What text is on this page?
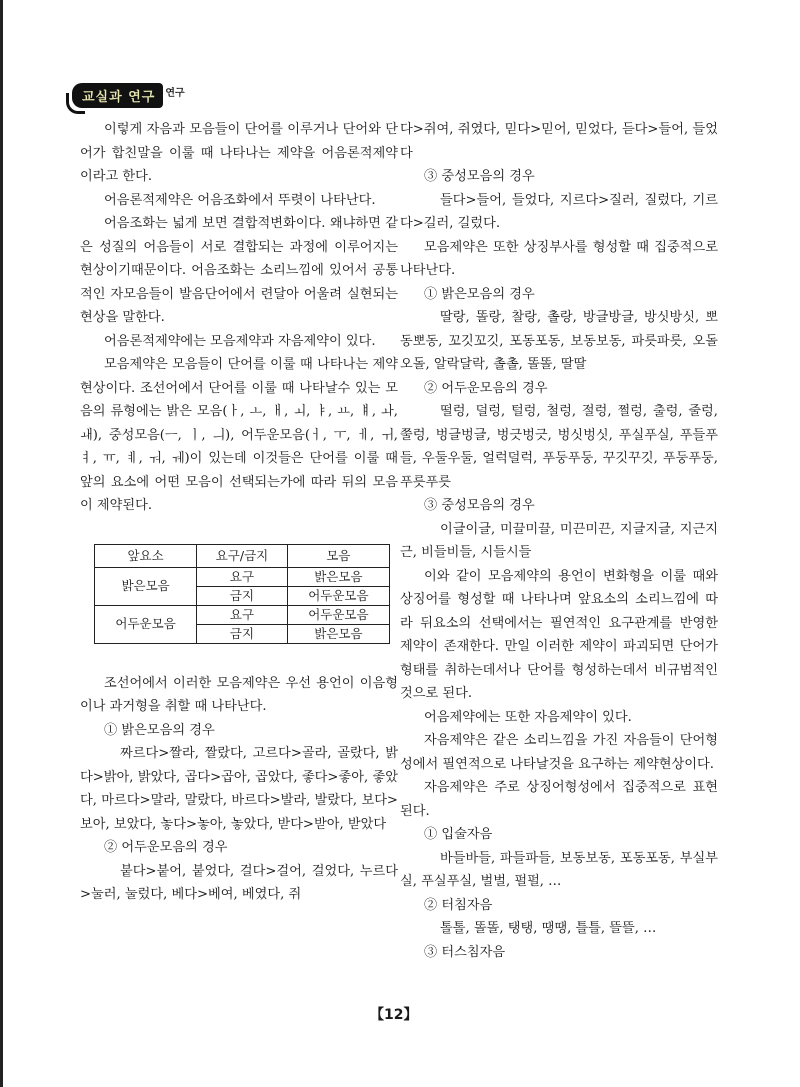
교실과 연구	연구

이렇게 자음과 모음들이 단어를 이루거나 단어와 단어가 합친말을 이룰 때 나타나는 제약을 어음론적제약이라고 한다.

어음론적제약은 어음조화에서 뚜렷이 나타난다.

어음조화는 넓게 보면 결합적변화이다. 왜냐하면 같은 성질의 어음들이 서로 결합되는 과정에 이루어지는 현상이기때문이다. 어음조화는 소리느낌에 있어서 공통적인 자모음들이 발음단어에서 련달아 어울려 실현되는 현상을 말한다.

어음론적제약에는 모음제약과 자음제약이 있다.

모음제약은 모음들이 단어를 이룰 때 나타나는 제약현상이다. 조선어에서 단어를 이룰 때 나타날수 있는 모음의 류형에는 밝은 모음(ㅏ, ㅗ, ㅐ, ㅚ, ㅑ, ㅛ, ㅒ, ㅘ, ㅙ), 중성모음(ㅡ, ㅣ, ㅢ), 어두운모음(ㅓ, ㅜ, ㅔ, ㅟ, ㅕ, ㅠ, ㅖ, ㅝ, ㅞ)이 있는데 이것들은 단어를 이룰 때 앞의 요소에 어떤 모음이 선택되는가에 따라 뒤의 모음이 제약된다.

앞요소	요구/금지	모음
밝은모음	요구	밝은모음
	금지	어두운모음
어두운모음	요구	어두운모음
	금지	밝은모음

조선어에서 이러한 모음제약은 우선 용언이 이음형이나 과거형을 취할 때 나타난다.

① 밝은모음의 경우

짜르다>짤라, 짤랐다, 고르다>골라, 골랐다, 밝다>밝아, 밝았다, 곱다>곱아, 곱았다, 좋다>좋아, 좋았다, 마르다>말라, 말랐다, 바르다>발라, 발랐다, 보다>보아, 보았다, 놓다>놓아, 놓았다, 받다>받아, 받았다

② 어두운모음의 경우

붙다>붙어, 붙었다, 걸다>걸어, 걸었다, 누르다>눌러, 눌렀다, 베다>베여, 베였다, 쥐

다>쥐여, 쥐였다, 믿다>믿어, 믿었다, 듣다>들어, 들었다

③ 중성모음의 경우

들다>들어, 들었다, 지르다>질러, 질렀다, 기르다>길러, 길렀다.

모음제약은 또한 상징부사를 형성할 때 집중적으로 나타난다.

① 밝은모음의 경우

딸랑, 똘랑, 찰랑, 촐랑, 방글방글, 방싯방싯, 뽀동뽀동, 꼬깃꼬깃, 포동포동, 보동보동, 파릇파릇, 오돌오돌, 알락달락, 촐촐, 똘똘, 딸딸

② 어두운모음의 경우

떨렁, 덜렁, 털렁, 철렁, 절렁, 쩔렁, 출렁, 줄렁, 쭐렁, 벙글벙글, 벙긋벙긋, 벙싯벙싯, 푸실푸실, 푸들푸들, 우둘우둘, 얼럭덜럭, 푸둥푸둥, 꾸깃꾸깃, 푸둥푸둥, 푸릇푸릇

③ 중성모음의 경우

이글이글, 미끌미끌, 미끈미끈, 지글지글, 지근지근, 비들비들, 시들시들

이와 같이 모음제약의 용언이 변화형을 이룰 때와 상징어를 형성할 때 나타나며 앞요소의 소리느낌에 따라 뒤요소의 선택에서는 필연적인 요구관계를 반영한 제약이 존재한다. 만일 이러한 제약이 파괴되면 단어가 형태를 취하는데서나 단어를 형성하는데서 비규범적인것으로 된다.

어음제약에는 또한 자음제약이 있다.

자음제약은 같은 소리느낌을 가진 자음들이 단어형성에서 필연적으로 나타날것을 요구하는 제약현상이다.

자음제약은 주로 상징어형성에서 집중적으로 표현된다.

① 입술자음

바들바들, 파들파들, 보동보동, 포동포동, 부실부실, 푸실푸실, 벌벌, 펄펄, …

② 터침자음

톨톨, 똘똘, 탱탱, 땡땡, 틀틀, 뜰뜰, …

③ 터스침자음

【12】
